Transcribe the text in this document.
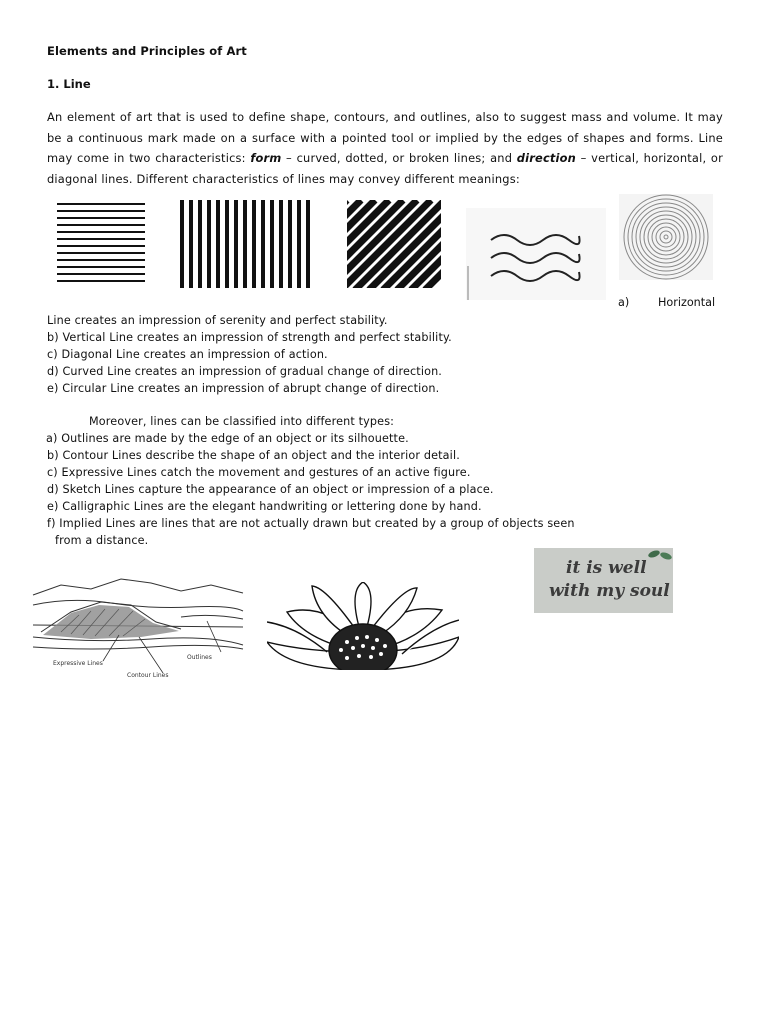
Elements and Principles of Art
1. Line
An element of art that is used to define shape, contours, and outlines, also to suggest mass and volume. It may be a continuous mark made on a surface with a pointed tool or implied by the edges of shapes and forms. Line may come in two characteristics: form – curved, dotted, or broken lines; and direction – vertical, horizontal, or diagonal lines. Different characteristics of lines may convey different meanings:
a)	Horizontal
Line creates an impression of serenity and perfect stability.
b) Vertical Line creates an impression of strength and perfect stability.
c) Diagonal Line creates an impression of action.
d) Curved Line creates an impression of gradual change of direction.
e) Circular Line creates an impression of abrupt change of direction.
Moreover, lines can be classified into different types:
a) Outlines are made by the edge of an object or its silhouette.
b) Contour Lines describe the shape of an object and the interior detail.
c) Expressive Lines catch the movement and gestures of an active figure.
d) Sketch Lines capture the appearance of an object or impression of a place.
e) Calligraphic Lines are the elegant handwriting or lettering done by hand.
f) Implied Lines are lines that are not actually drawn but created by a group of objects seen
from a distance.
Expressive Lines
Outlines
Contour Lines
it is well
with my soul
